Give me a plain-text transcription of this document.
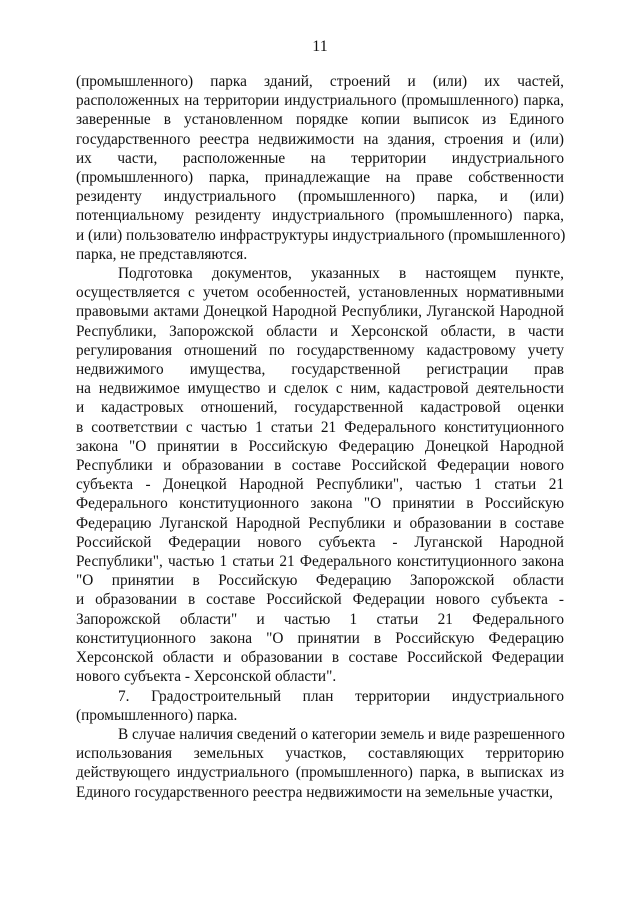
11
(промышленного) парка зданий, строений и (или) их частей,
расположенных на территории индустриального (промышленного) парка,
заверенные в установленном порядке копии выписок из Единого
государственного реестра недвижимости на здания, строения и (или)
их части, расположенные на территории индустриального
(промышленного) парка, принадлежащие на праве собственности
резиденту индустриального (промышленного) парка, и (или)
потенциальному резиденту индустриального (промышленного) парка,
и (или) пользователю инфраструктуры индустриального (промышленного)
парка, не представляются.
Подготовка документов, указанных в настоящем пункте,
осуществляется с учетом особенностей, установленных нормативными
правовыми актами Донецкой Народной Республики, Луганской Народной
Республики, Запорожской области и Херсонской области, в части
регулирования отношений по государственному кадастровому учету
недвижимого имущества, государственной регистрации прав
на недвижимое имущество и сделок с ним, кадастровой деятельности
и кадастровых отношений, государственной кадастровой оценки
в соответствии с частью 1 статьи 21 Федерального конституционного
закона "О принятии в Российскую Федерацию Донецкой Народной
Республики и образовании в составе Российской Федерации нового
субъекта - Донецкой Народной Республики", частью 1 статьи 21
Федерального конституционного закона "О принятии в Российскую
Федерацию Луганской Народной Республики и образовании в составе
Российской Федерации нового субъекта - Луганской Народной
Республики", частью 1 статьи 21 Федерального конституционного закона
"О принятии в Российскую Федерацию Запорожской области
и образовании в составе Российской Федерации нового субъекта -
Запорожской области" и частью 1 статьи 21 Федерального
конституционного закона "О принятии в Российскую Федерацию
Херсонской области и образовании в составе Российской Федерации
нового субъекта - Херсонской области".
7. Градостроительный план территории индустриального
(промышленного) парка.
В случае наличия сведений о категории земель и виде разрешенного
использования земельных участков, составляющих территорию
действующего индустриального (промышленного) парка, в выписках из
Единого государственного реестра недвижимости на земельные участки,
